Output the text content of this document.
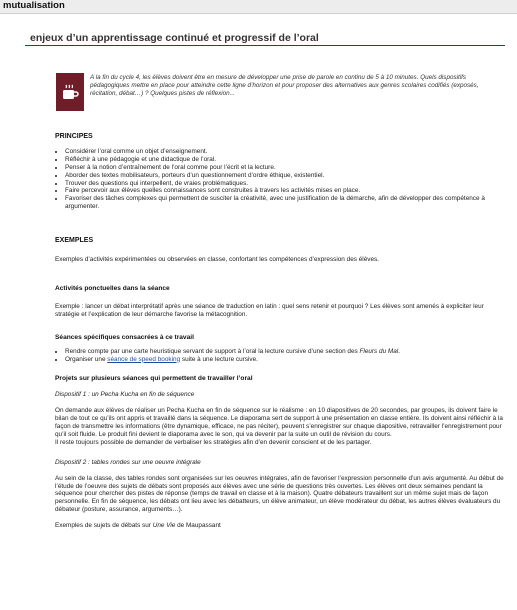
mutualisation
enjeux d’un apprentissage continué et progressif de l’oral

A la fin du cycle 4, les élèves doivent être en mesure de développer une prise de parole en continu de 5 à 10 minutes. Quels dispositifs pédagogiques mettre en place pour atteindre cette ligne d’horizon et pour proposer des alternatives aux genres scolaires codifiés (exposés, récitation, débat…) ? Quelques pistes de réflexion...

PRINCIPES
• Considérer l’oral comme un objet d’enseignement.
• Réfléchir à une pédagogie et une didactique de l’oral.
• Penser à la notion d’entraînement de l’oral comme pour l’écrit et la lecture.
• Aborder des textes mobilisateurs, porteurs d’un questionnement d’ordre éthique, existentiel.
• Trouver des questions qui interpellent, de vraies problématiques.
• Faire percevoir aux élèves quelles connaissances sont construites à travers les activités mises en place.
• Favoriser des tâches complexes qui permettent de susciter la créativité, avec une justification de la démarche, afin de développer des compétence à argumenter.
EXEMPLES

Exemples d’activités expérimentées ou observées en classe, confortant les compétences d’expression des élèves.

Activités ponctuelles dans la séance

Exemple : lancer un débat interprétatif après une séance de traduction en latin : quel sens retenir et pourquoi ? Les élèves sont amenés à expliciter leur stratégie et l’explication de leur démarche favorise la métacognition.

Séances spécifiques consacrées à ce travail
• Rendre compte par une carte heuristique servant de support à l’oral la lecture cursive d’une section des Fleurs du Mal.
• Organiser une séance de speed booking suite à une lecture cursive.
Projets sur plusieurs séances qui permettent de travailler l’oral

Dispositif 1 : un Pecha Kucha en fin de séquence

On demande aux élèves de réaliser un Pecha Kucha en fin de séquence sur le réalisme : en 10 diapositives de 20 secondes, par groupes, ils doivent faire le bilan de tout ce qu’ils ont appris et travaillé dans la séquence. Le diaporama sert de support à une présentation en classe entière. Ils doivent ainsi réfléchir à la façon de transmettre les informations (être dynamique, efficace, ne pas réciter), peuvent s’enregistrer sur chaque diapositive, retravailler l’enregistrement pour qu’il soit fluide. Le produit fini devient le diaporama avec le son, qui va devenir par la suite un outil de révision du cours.

Il reste toujours possible de demander de verbaliser les stratégies afin d’en devenir conscient et de les partager.

Dispositif 2 : tables rondes sur une oeuvre intégrale

Au sein de la classe, des tables rondes sont organisées sur les oeuvres intégrales, afin de favoriser l’expression personnelle d’un avis argumenté. Au début de l’étude de l’oeuvre des sujets de débats sont proposés aux élèves avec une série de questions très ouvertes. Les élèves ont deux semaines pendant la séquence pour chercher des pistes de réponse (temps de travail en classe et à la maison). Quatre débateurs travaillent sur un même sujet mais de façon personnelle. En fin de séquence, les débats ont lieu avec les débatteurs, un élève animateur, un élève modérateur du débat, les autres élèves évaluateurs du débateur (posture, assurance, arguments…).

Exemples de sujets de débats sur Une Vie de Maupassant
